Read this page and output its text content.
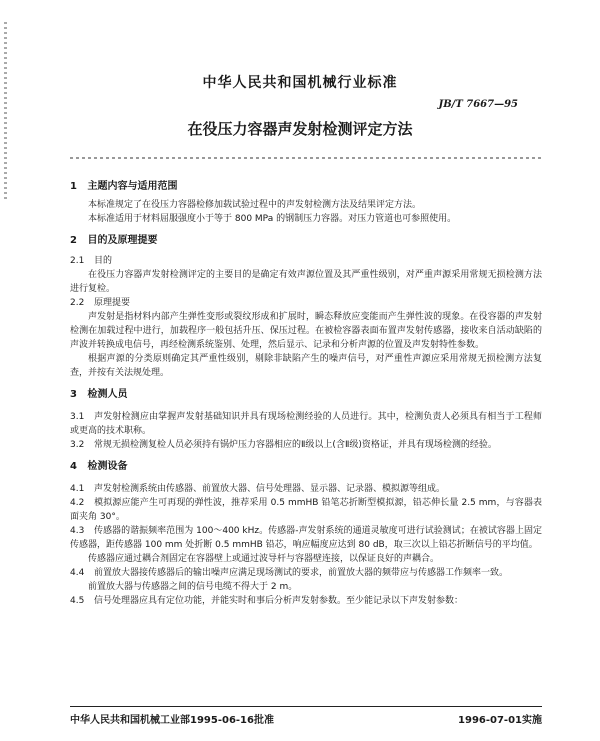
中华人民共和国机械行业标准
JB/T 7667—95
在役压力容器声发射检测评定方法
1 主题内容与适用范围

本标准规定了在役压力容器检修加载试验过程中的声发射检测方法及结果评定方法。

本标准适用于材料屈服强度小于等于 800 MPa 的钢制压力容器。对压力管道也可参照使用。

2 目的及原理提要

2.1 目的

在役压力容器声发射检测评定的主要目的是确定有效声源位置及其严重性级别，对严重声源采用常规无损检测方法进行复检。

2.2 原理提要

声发射是指材料内部产生弹性变形或裂纹形成和扩展时，瞬态释放应变能而产生弹性波的现象。在役容器的声发射检测在加载过程中进行，加载程序一般包括升压、保压过程。在被检容器表面布置声发射传感器，接收来自活动缺陷的声波并转换成电信号，再经检测系统鉴别、处理，然后显示、记录和分析声源的位置及声发射特性参数。

根据声源的分类原则确定其严重性级别，剔除非缺陷产生的噪声信号，对严重性声源应采用常规无损检测方法复查，并按有关法规处理。

3 检测人员

3.1 声发射检测应由掌握声发射基础知识并具有现场检测经验的人员进行。其中，检测负责人必须具有相当于工程师或更高的技术职称。

3.2 常规无损检测复检人员必须持有锅炉压力容器相应的Ⅱ级以上(含Ⅱ级)资格证，并具有现场检测的经验。

4 检测设备

4.1 声发射检测系统由传感器、前置放大器、信号处理器、显示器、记录器、模拟源等组成。

4.2 模拟源应能产生可再现的弹性波，推荐采用 0.5 mmHB 铅笔芯折断型模拟源，铅芯伸长量 2.5 mm，与容器表面夹角 30°。

4.3 传感器的谐振频率范围为 100～400 kHz。传感器-声发射系统的通道灵敏度可进行试验测试；在被试容器上固定传感器，距传感器 100 mm 处折断 0.5 mmHB 铅芯，响应幅度应达到 80 dB，取三次以上铅芯折断信号的平均值。

传感器应通过耦合剂固定在容器壁上或通过波导杆与容器壁连接，以保证良好的声耦合。

4.4 前置放大器接传感器后的输出噪声应满足现场测试的要求，前置放大器的频带应与传感器工作频率一致。

前置放大器与传感器之间的信号电缆不得大于 2 m。

4.5 信号处理器应具有定位功能，并能实时和事后分析声发射参数。至少能记录以下声发射参数：

中华人民共和国机械工业部1995-06-16批准	1996-07-01实施
